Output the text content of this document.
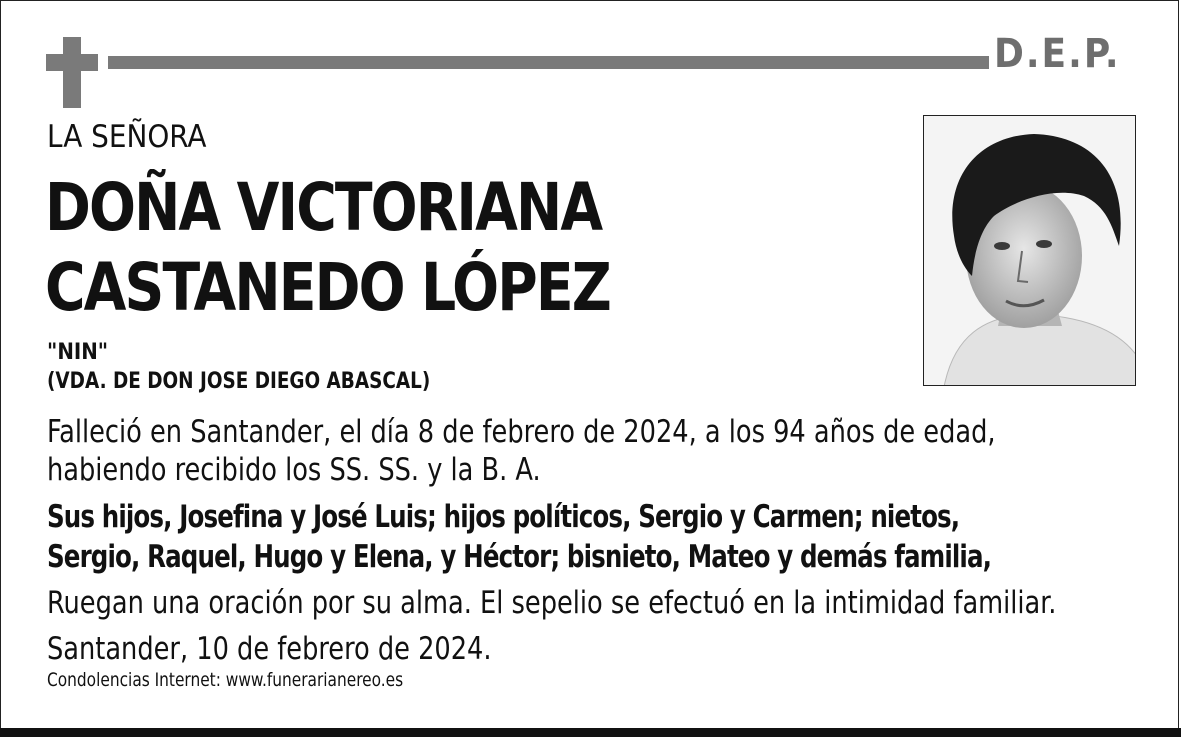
D.E.P.
LA SEÑORA
DOÑA VICTORIANA
CASTANEDO LÓPEZ
"NIN"
(VDA. DE DON JOSE DIEGO ABASCAL)
Falleció en Santander, el día 8 de febrero de 2024, a los 94 años de edad,
habiendo recibido los SS. SS. y la B. A.
Sus hijos, Josefina y José Luis; hijos políticos, Sergio y Carmen; nietos,
Sergio, Raquel, Hugo y Elena, y Héctor; bisnieto, Mateo y demás familia,
Ruegan una oración por su alma. El sepelio se efectuó en la intimidad familiar.
Santander, 10 de febrero de 2024.
Condolencias Internet: www.funerarianereo.es
